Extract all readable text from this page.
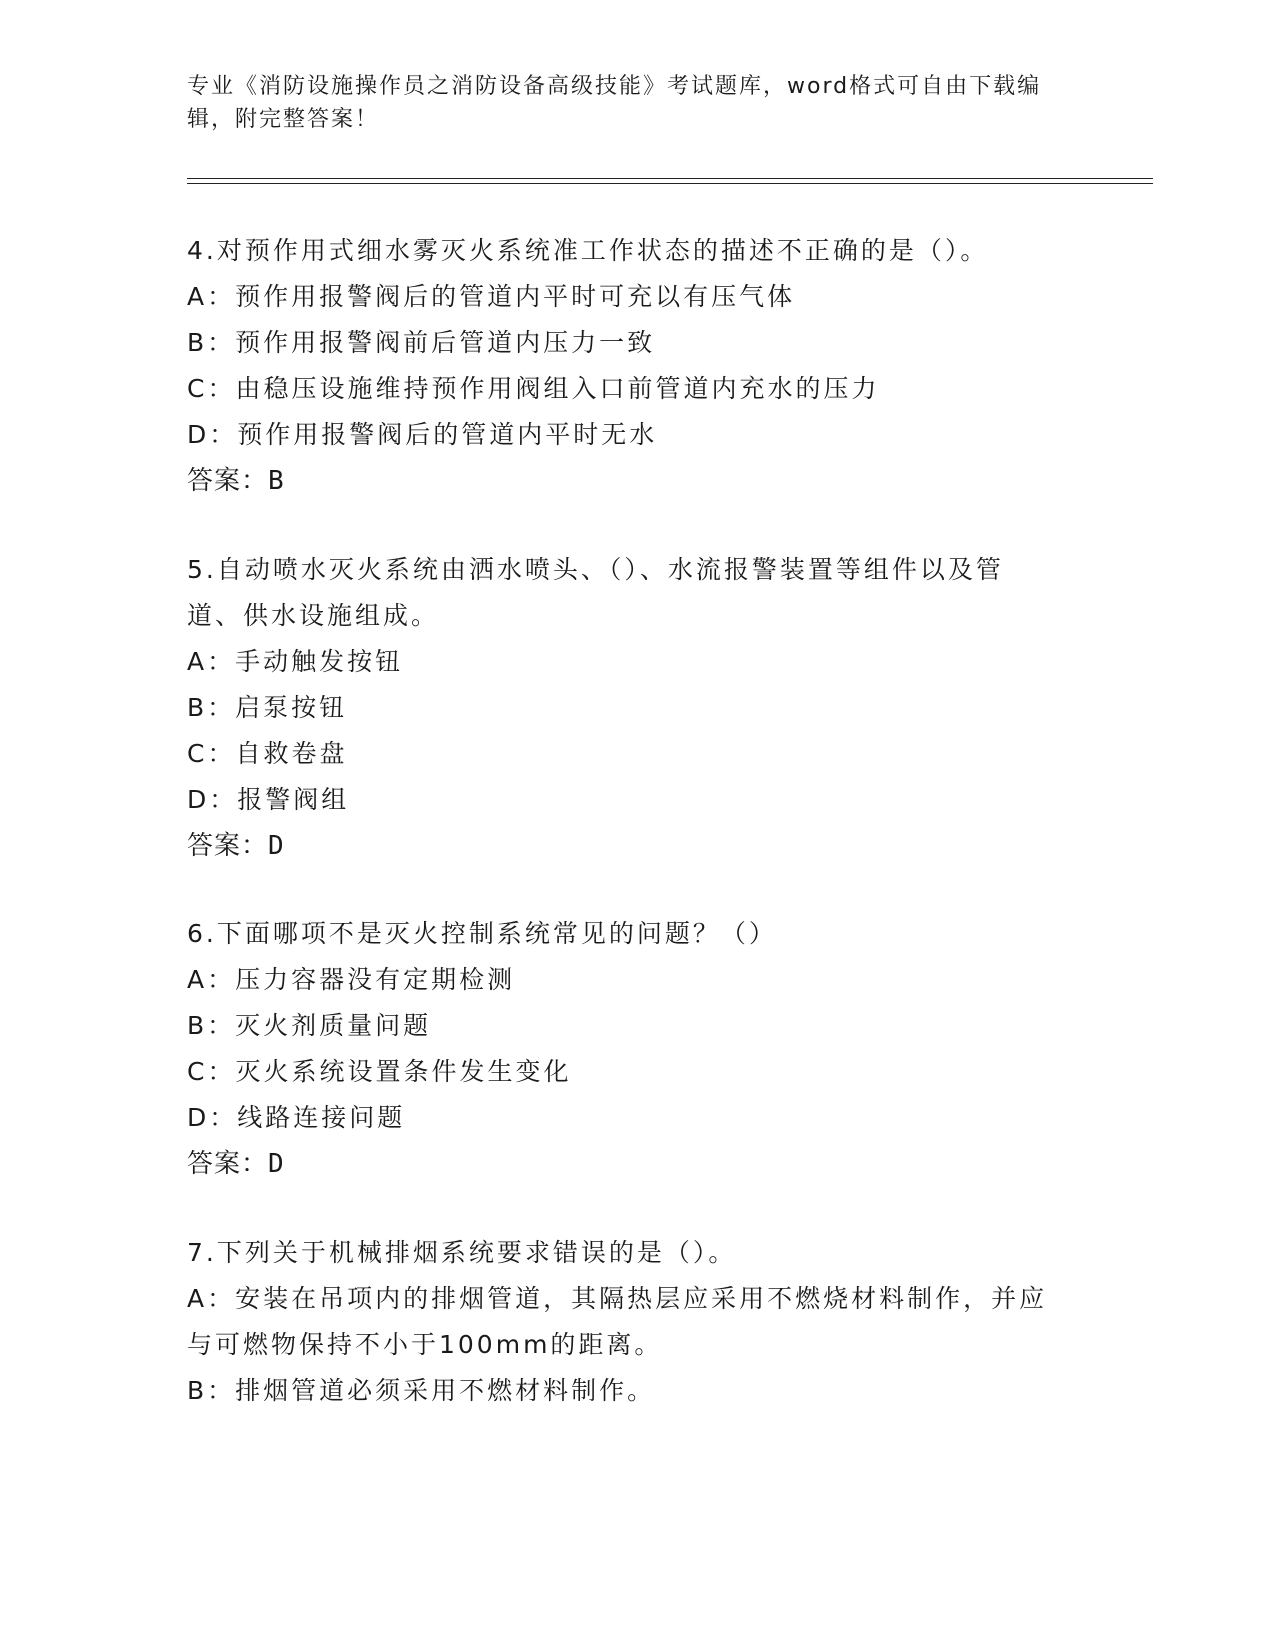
专业《消防设施操作员之消防设备高级技能》考试题库，word格式可自由下载编
辑，附完整答案！
4.对预作用式细水雾灭火系统准工作状态的描述不正确的是（）。
A：预作用报警阀后的管道内平时可充以有压气体
B：预作用报警阀前后管道内压力一致
C：由稳压设施维持预作用阀组入口前管道内充水的压力
D：预作用报警阀后的管道内平时无水
答案：B
5.自动喷水灭火系统由洒水喷头、（）、水流报警装置等组件以及管
道、供水设施组成。
A：手动触发按钮
B：启泵按钮
C：自救卷盘
D：报警阀组
答案：D
6.下面哪项不是灭火控制系统常见的问题？（）
A：压力容器没有定期检测
B：灭火剂质量问题
C：灭火系统设置条件发生变化
D：线路连接问题
答案：D
7.下列关于机械排烟系统要求错误的是（）。
A：安装在吊项内的排烟管道，其隔热层应采用不燃烧材料制作，并应
与可燃物保持不小于100mm的距离。
B：排烟管道必须采用不燃材料制作。
